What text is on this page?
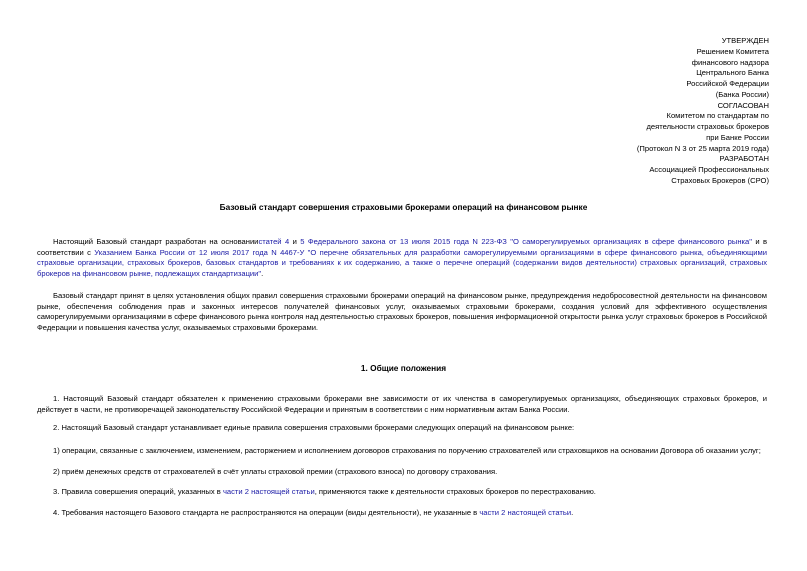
УТВЕРЖДЕН
Решением Комитета
финансового надзора
Центрального Банка
Российской Федерации
(Банка России)
СОГЛАСОВАН
Комитетом по стандартам по
деятельности страховых брокеров
при Банке России
(Протокол N 3 от 25 марта 2019 года)
РАЗРАБОТАН
Ассоциацией Профессиональных
Страховых Брокеров (СРО)
Базовый стандарт совершения страховыми брокерами операций на финансовом рынке

Настоящий Базовый стандарт разработан на основаниистатей 4 и 5 Федерального закона от 13 июля 2015 года N 223-ФЗ "О саморегулируемых организациях в сфере финансового рынка" и в соответствии с Указанием Банка России от 12 июля 2017 года N 4467-У "О перечне обязательных для разработки саморегулируемыми организациями в сфере финансового рынка, объединяющими страховые организации, страховых брокеров, базовых стандартов и требованиях к их содержанию, а также о перечне операций (содержании видов деятельности) страховых организаций, страховых брокеров на финансовом рынке, подлежащих стандартизации".

Базовый стандарт принят в целях установления общих правил совершения страховыми брокерами операций на финансовом рынке, предупреждения недобросовестной деятельности на финансовом рынке, обеспечения соблюдения прав и законных интересов получателей финансовых услуг, оказываемых страховыми брокерами, создания условий для эффективного осуществления саморегулируемыми организациями в сфере финансового рынка контроля над деятельностью страховых брокеров, повышения информационной открытости рынка услуг страховых брокеров в Российской Федерации и повышения качества услуг, оказываемых страховыми брокерами.

1. Общие положения

1. Настоящий Базовый стандарт обязателен к применению страховыми брокерами вне зависимости от их членства в саморегулируемых организациях, объединяющих страховых брокеров, и действует в части, не противоречащей законодательству Российской Федерации и принятым в соответствии с ним нормативным актам Банка России.

2. Настоящий Базовый стандарт устанавливает единые правила совершения страховыми брокерами следующих операций на финансовом рынке:

1) операции, связанные с заключением, изменением, расторжением и исполнением договоров страхования по поручению страхователей или страховщиков на основании Договора об оказании услуг;

2) приём денежных средств от страхователей в счёт уплаты страховой премии (страхового взноса) по договору страхования.

3. Правила совершения операций, указанных в части 2 настоящей статьи, применяются также к деятельности страховых брокеров по перестрахованию.

4. Требования настоящего Базового стандарта не распространяются на операции (виды деятельности), не указанные в части 2 настоящей статьи.
